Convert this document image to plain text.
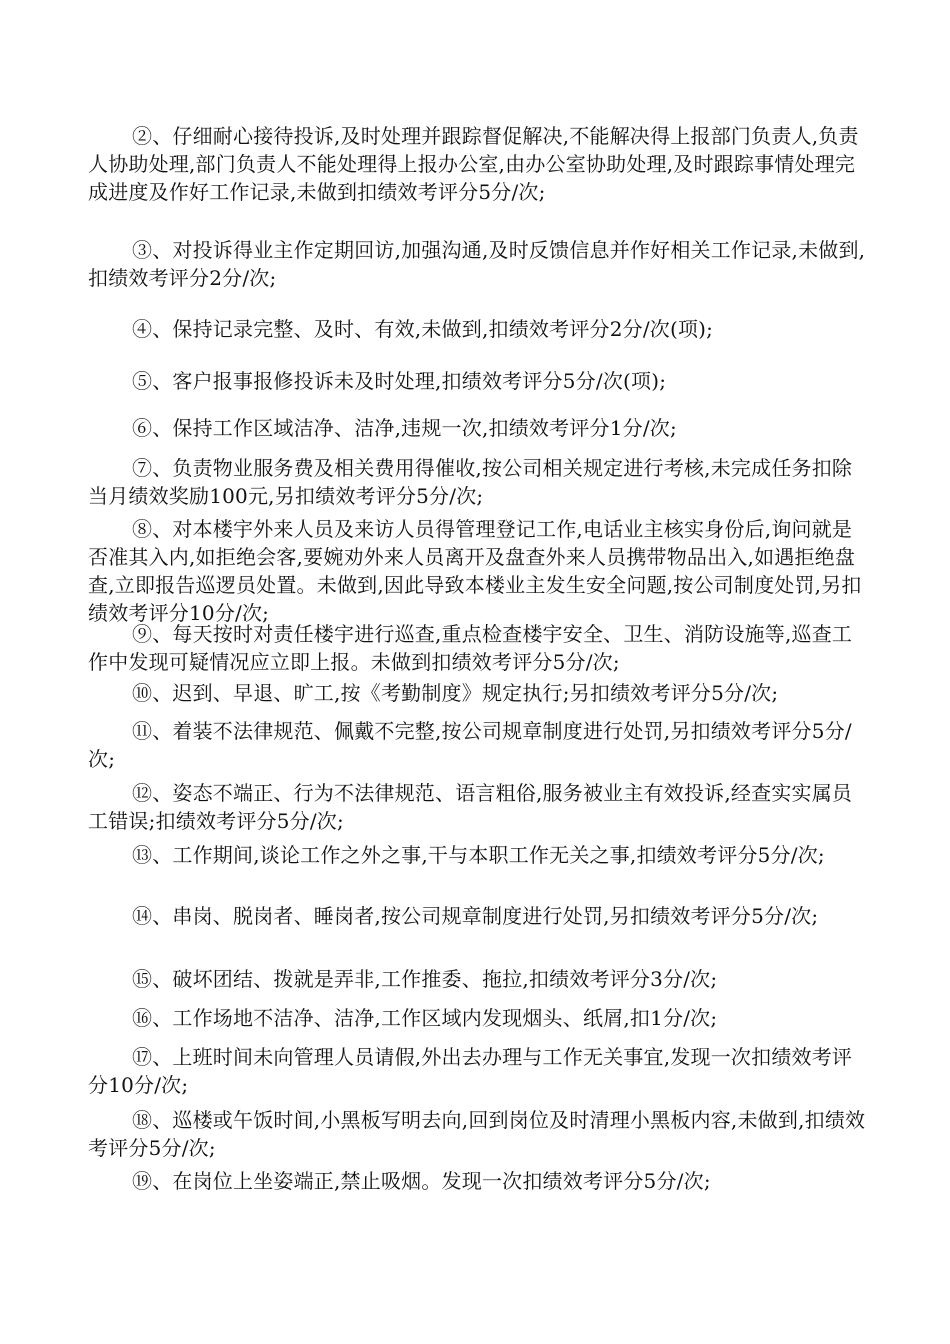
②、仔细耐心接待投诉,及时处理并跟踪督促解决,不能解决得上报部门负责人,负责人协助处理,部门负责人不能处理得上报办公室,由办公室协助处理,及时跟踪事情处理完成进度及作好工作记录,未做到扣绩效考评分5分/次;

③、对投诉得业主作定期回访,加强沟通,及时反馈信息并作好相关工作记录,未做到,扣绩效考评分2分/次;

④、保持记录完整、及时、有效,未做到,扣绩效考评分2分/次(项);

⑤、客户报事报修投诉未及时处理,扣绩效考评分5分/次(项);

⑥、保持工作区域洁净、洁净,违规一次,扣绩效考评分1分/次;

⑦、负责物业服务费及相关费用得催收,按公司相关规定进行考核,未完成任务扣除当月绩效奖励100元,另扣绩效考评分5分/次;

⑧、对本楼宇外来人员及来访人员得管理登记工作,电话业主核实身份后,询问就是否准其入内,如拒绝会客,要婉劝外来人员离开及盘查外来人员携带物品出入,如遇拒绝盘查,立即报告巡逻员处置。未做到,因此导致本楼业主发生安全问题,按公司制度处罚,另扣绩效考评分10分/次;

⑨、每天按时对责任楼宇进行巡查,重点检查楼宇安全、卫生、消防设施等,巡查工作中发现可疑情况应立即上报。未做到扣绩效考评分5分/次;

⑩、迟到、早退、旷工,按《考勤制度》规定执行;另扣绩效考评分5分/次;

⑪、着装不法律规范、佩戴不完整,按公司规章制度进行处罚,另扣绩效考评分5分/次;

⑫、姿态不端正、行为不法律规范、语言粗俗,服务被业主有效投诉,经查实实属员工错误;扣绩效考评分5分/次;

⑬、工作期间,谈论工作之外之事,干与本职工作无关之事,扣绩效考评分5分/次;

⑭、串岗、脱岗者、睡岗者,按公司规章制度进行处罚,另扣绩效考评分5分/次;

⑮、破坏团结、拨就是弄非,工作推委、拖拉,扣绩效考评分3分/次;

⑯、工作场地不洁净、洁净,工作区域内发现烟头、纸屑,扣1分/次;

⑰、上班时间未向管理人员请假,外出去办理与工作无关事宜,发现一次扣绩效考评分10分/次;

⑱、巡楼或午饭时间,小黑板写明去向,回到岗位及时清理小黑板内容,未做到,扣绩效考评分5分/次;

⑲、在岗位上坐姿端正,禁止吸烟。发现一次扣绩效考评分5分/次;
